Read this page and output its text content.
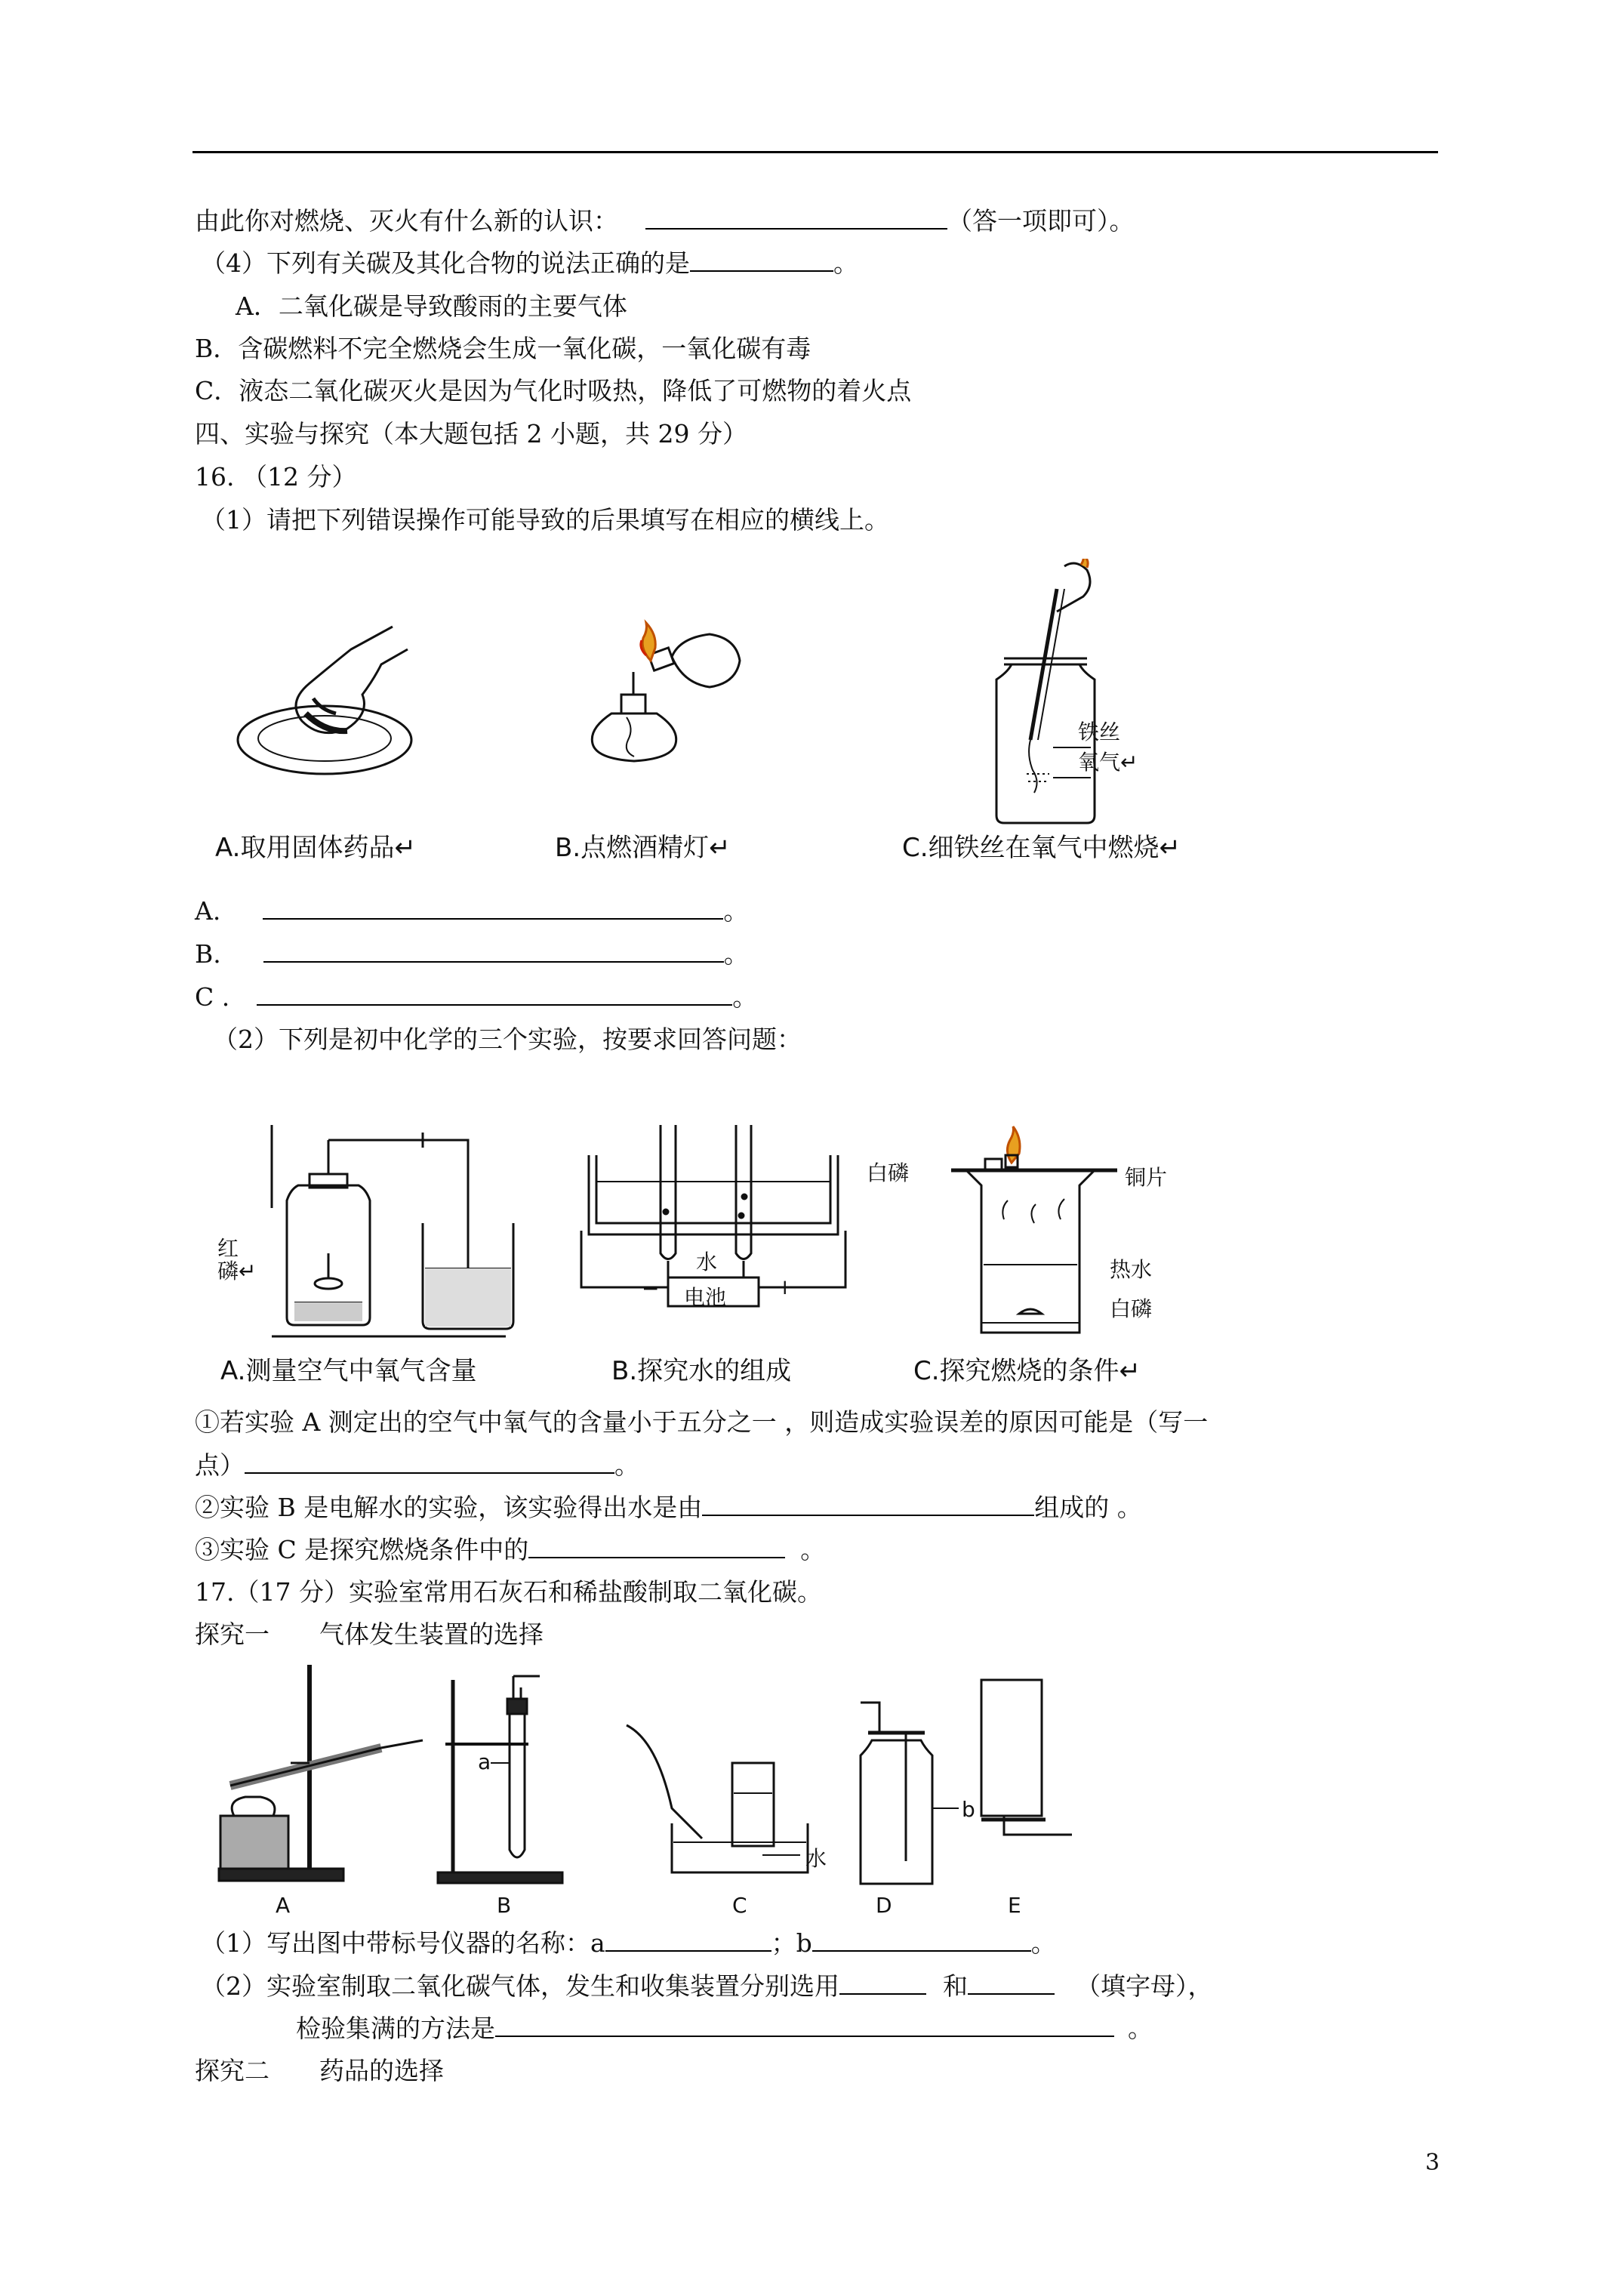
由此你对燃烧、灭火有什么新的认识：	（答一项即可）。
（4）下列有关碳及其化合物的说法正确的是	。
A．二氧化碳是导致酸雨的主要气体
B．含碳燃料不完全燃烧会生成一氧化碳，一氧化碳有毒
C．液态二氧化碳灭火是因为气化时吸热，降低了可燃物的着火点
四、实验与探究（本大题包括 2 小题，共 29 分）
16. （12 分）
（1）请把下列错误操作可能导致的后果填写在相应的横线上。
铁丝
氧气↵
A.取用固体药品↵	B.点燃酒精灯↵	C.细铁丝在氧气中燃烧↵
A.	。
B.	。
C .	。
（2）下列是初中化学的三个实验，按要求回答问题：
红
磷↵	水
− 电池 +
白磷	铜片
热水
白磷
A.测量空气中氧气含量	B.探究水的组成	C.探究燃烧的条件↵
①若实验 A 测定出的空气中氧气的含量小于五分之一 ，则造成实验误差的原因可能是（写一
点）	。
②实验 B 是电解水的实验，该实验得出水是由	组成的 。
③实验 C 是探究燃烧条件中的	。
17.（17 分）实验室常用石灰石和稀盐酸制取二氧化碳。
探究一　　气体发生装置的选择
A	B	C	D	E
a
b
水
（1）写出图中带标号仪器的名称：a	；b	。
（2）实验室制取二氧化碳气体，发生和收集装置分别选用	和	（填字母），
检验集满的方法是	。
探究二　　药品的选择
3
